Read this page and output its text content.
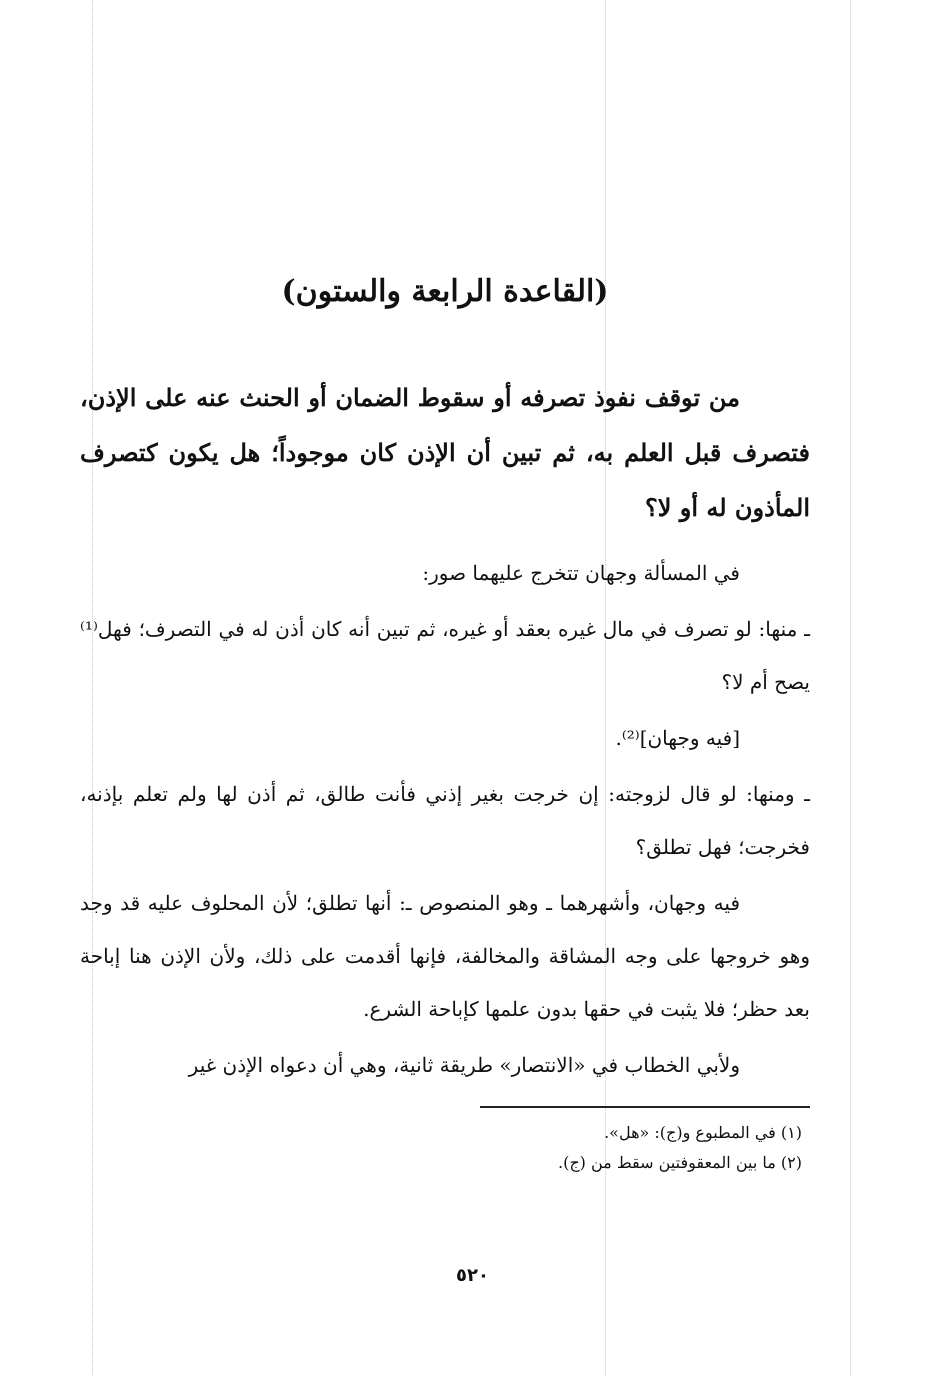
(القاعدة الرابعة والستون)
من توقف نفوذ تصرفه أو سقوط الضمان أو الحنث عنه على الإذن، فتصرف قبل العلم به، ثم تبين أن الإذن كان موجوداً؛ هل يكون كتصرف المأذون له أو لا؟
في المسألة وجهان تتخرج عليهما صور:
ـ منها: لو تصرف في مال غيره بعقد أو غيره، ثم تبين أنه كان أذن له في التصرف؛ فهل⁽¹⁾ يصح أم لا؟
[فيه وجهان]⁽²⁾.
ـ ومنها: لو قال لزوجته: إن خرجت بغير إذني فأنت طالق، ثم أذن لها ولم تعلم بإذنه، فخرجت؛ فهل تطلق؟
فيه وجهان، وأشهرهما ـ وهو المنصوص ـ: أنها تطلق؛ لأن المحلوف عليه قد وجد وهو خروجها على وجه المشاقة والمخالفة، فإنها أقدمت على ذلك، ولأن الإذن هنا إباحة بعد حظر؛ فلا يثبت في حقها بدون علمها كإباحة الشرع.
ولأبي الخطاب في «الانتصار» طريقة ثانية، وهي أن دعواه الإذن غير
(١) في المطبوع و(ج): «هل».
(٢) ما بين المعقوفتين سقط من (ج).
٥٢٠
